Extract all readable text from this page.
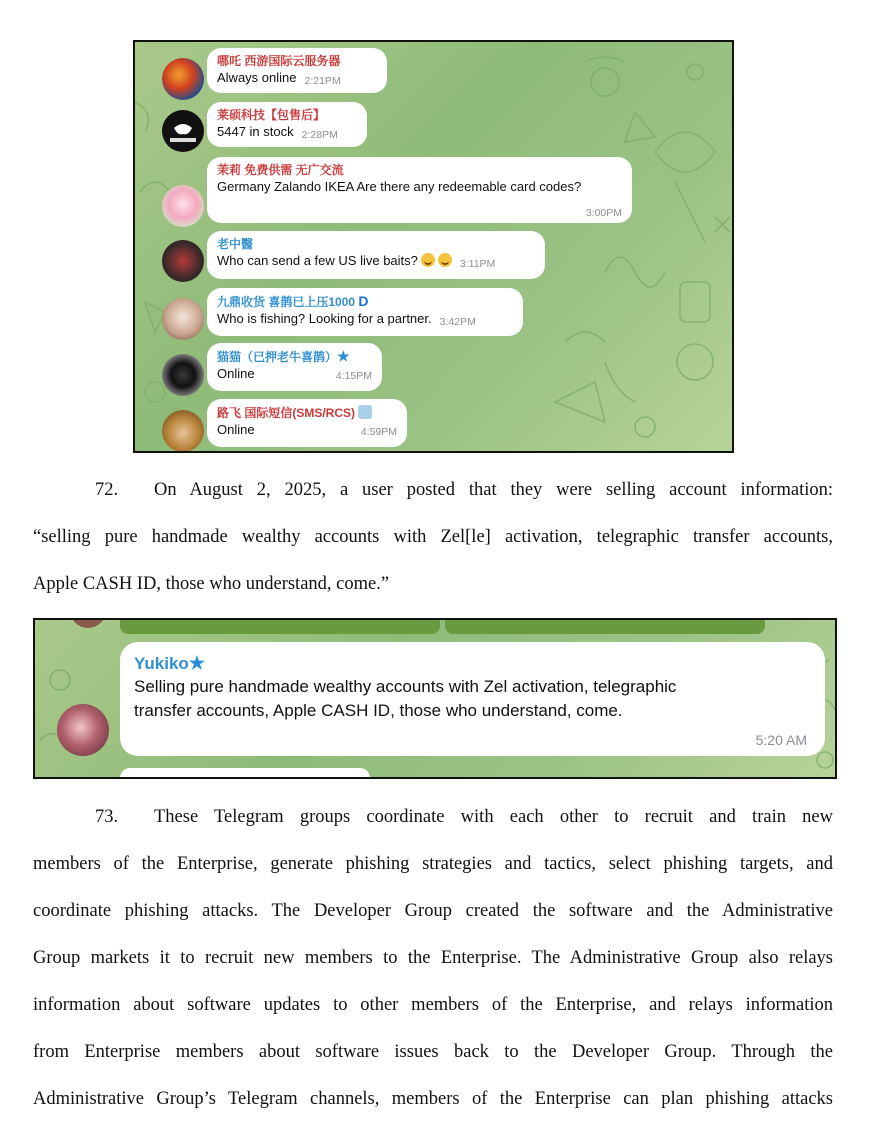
哪吒 西游国际云服务器
Always online 2:21PM
莱硕科技【包售后】
5447 in stock 2:28PM
茉莉 免费供需 无广交流
Germany Zalando IKEA Are there any redeemable card codes?
3:00PM
老中醫
Who can send a few US live baits?	3:11PM
九鼎收货 喜鹊已上压1000 D
Who is fishing? Looking for a partner. 3:42PM
猫猫（已押老牛喜鹊）★
Online	4:15PM
路飞 国际短信(SMS/RCS)
Online	4:59PM
72. On August 2, 2025, a user posted that they were selling account information:
“selling pure handmade wealthy accounts with Zel[le] activation, telegraphic transfer accounts,
Apple CASH ID, those who understand, come.”
Yukiko★
Selling pure handmade wealthy accounts with Zel activation, telegraphic
transfer accounts, Apple CASH ID, those who understand, come.
5:20 AM
73. These Telegram groups coordinate with each other to recruit and train new
members of the Enterprise, generate phishing strategies and tactics, select phishing targets, and
coordinate phishing attacks. The Developer Group created the software and the Administrative
Group markets it to recruit new members to the Enterprise. The Administrative Group also relays
information about software updates to other members of the Enterprise, and relays information
from Enterprise members about software issues back to the Developer Group. Through the
Administrative Group’s Telegram channels, members of the Enterprise can plan phishing attacks
